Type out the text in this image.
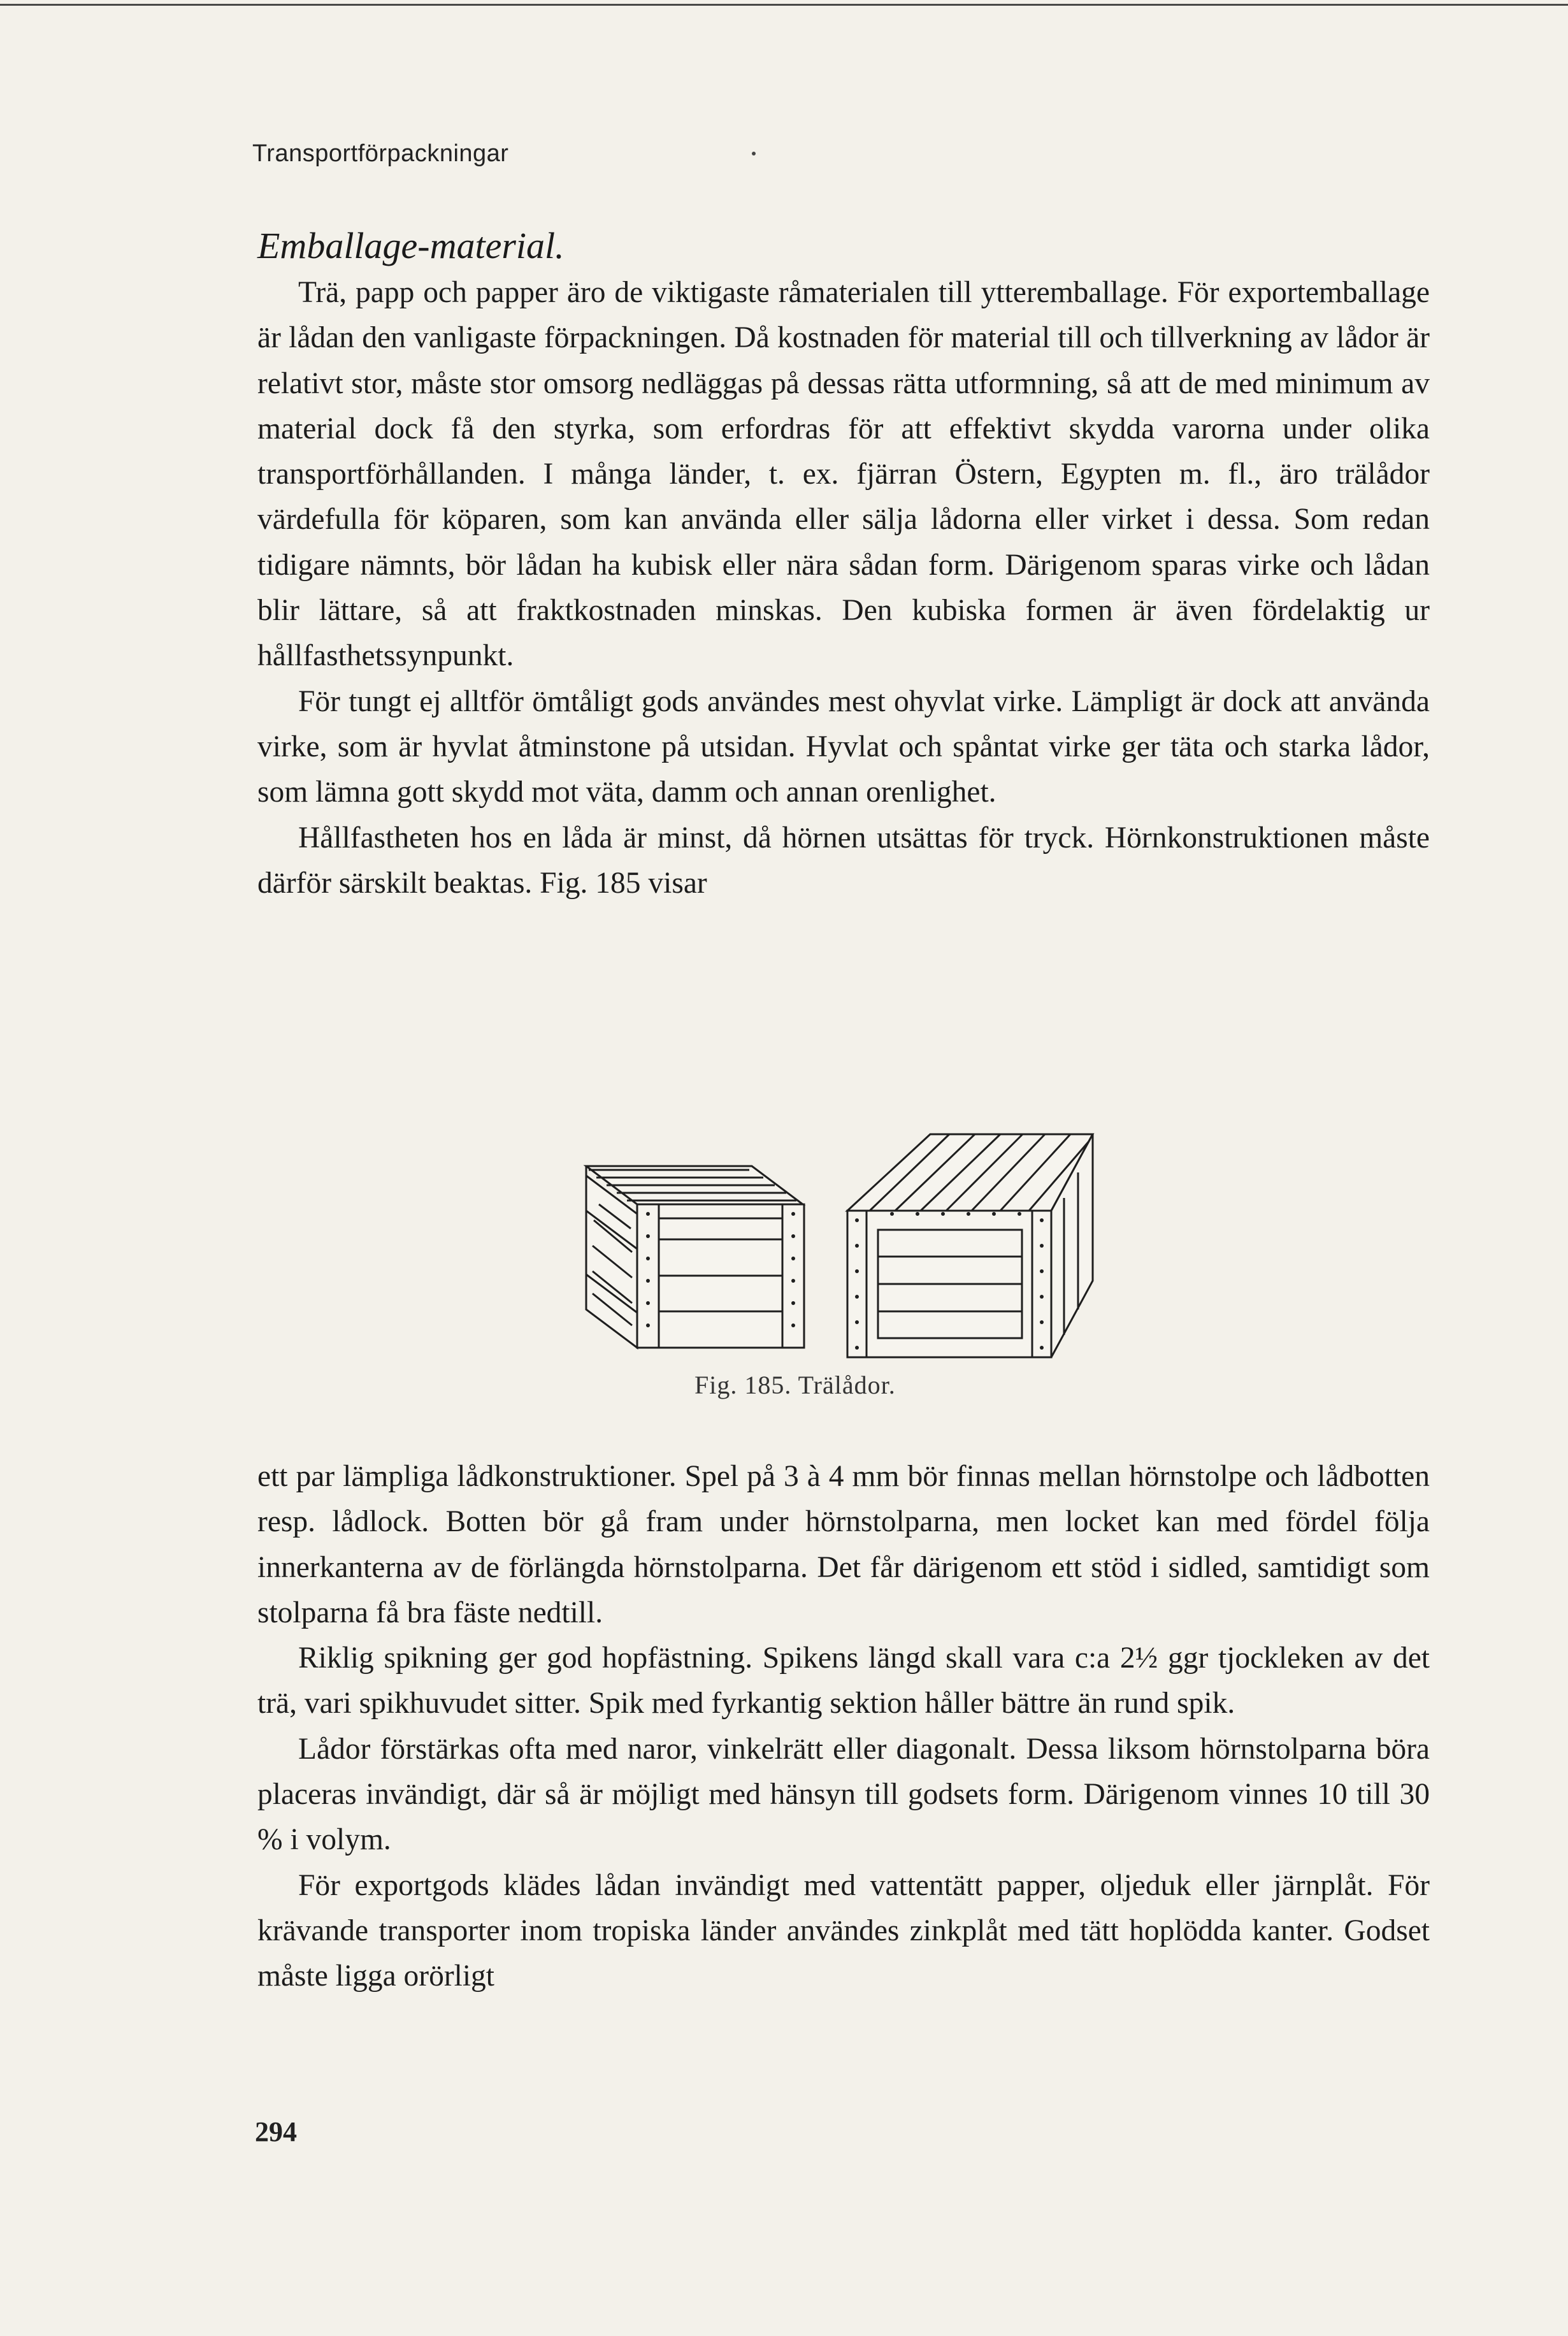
Transportförpackningar
Emballage-material.

Trä, papp och papper äro de viktigaste råmaterialen till ytteremballage. För exportemballage är lådan den vanligaste förpackningen. Då kostnaden för material till och tillverkning av lådor är relativt stor, måste stor omsorg nedläggas på dessas rätta utformning, så att de med minimum av material dock få den styrka, som erfordras för att effektivt skydda varorna under olika transportförhållanden. I många länder, t. ex. fjärran Östern, Egypten m. fl., äro trälådor värdefulla för köparen, som kan använda eller sälja lådorna eller virket i dessa. Som redan tidigare nämnts, bör lådan ha kubisk eller nära sådan form. Därigenom sparas virke och lådan blir lättare, så att fraktkostnaden minskas. Den kubiska formen är även fördelaktig ur hållfasthetssynpunkt.

För tungt ej alltför ömtåligt gods användes mest ohyvlat virke. Lämpligt är dock att använda virke, som är hyvlat åtminstone på utsidan. Hyvlat och spåntat virke ger täta och starka lådor, som lämna gott skydd mot väta, damm och annan orenlighet.

Hållfastheten hos en låda är minst, då hörnen utsättas för tryck. Hörnkonstruktionen måste därför särskilt beaktas. Fig. 185 visar

Fig. 185. Trälådor.

ett par lämpliga lådkonstruktioner. Spel på 3 à 4 mm bör finnas mellan hörnstolpe och lådbotten resp. lådlock. Botten bör gå fram under hörnstolparna, men locket kan med fördel följa innerkanterna av de förlängda hörnstolparna. Det får därigenom ett stöd i sidled, samtidigt som stolparna få bra fäste nedtill.

Riklig spikning ger god hopfästning. Spikens längd skall vara c:a 2½ ggr tjockleken av det trä, vari spikhuvudet sitter. Spik med fyrkantig sektion håller bättre än rund spik.

Lådor förstärkas ofta med naror, vinkelrätt eller diagonalt. Dessa liksom hörnstolparna böra placeras invändigt, där så är möjligt med hänsyn till godsets form. Därigenom vinnes 10 till 30 % i volym.

För exportgods klädes lådan invändigt med vattentätt papper, oljeduk eller järnplåt. För krävande transporter inom tropiska länder användes zinkplåt med tätt hoplödda kanter. Godset måste ligga orörligt

294
